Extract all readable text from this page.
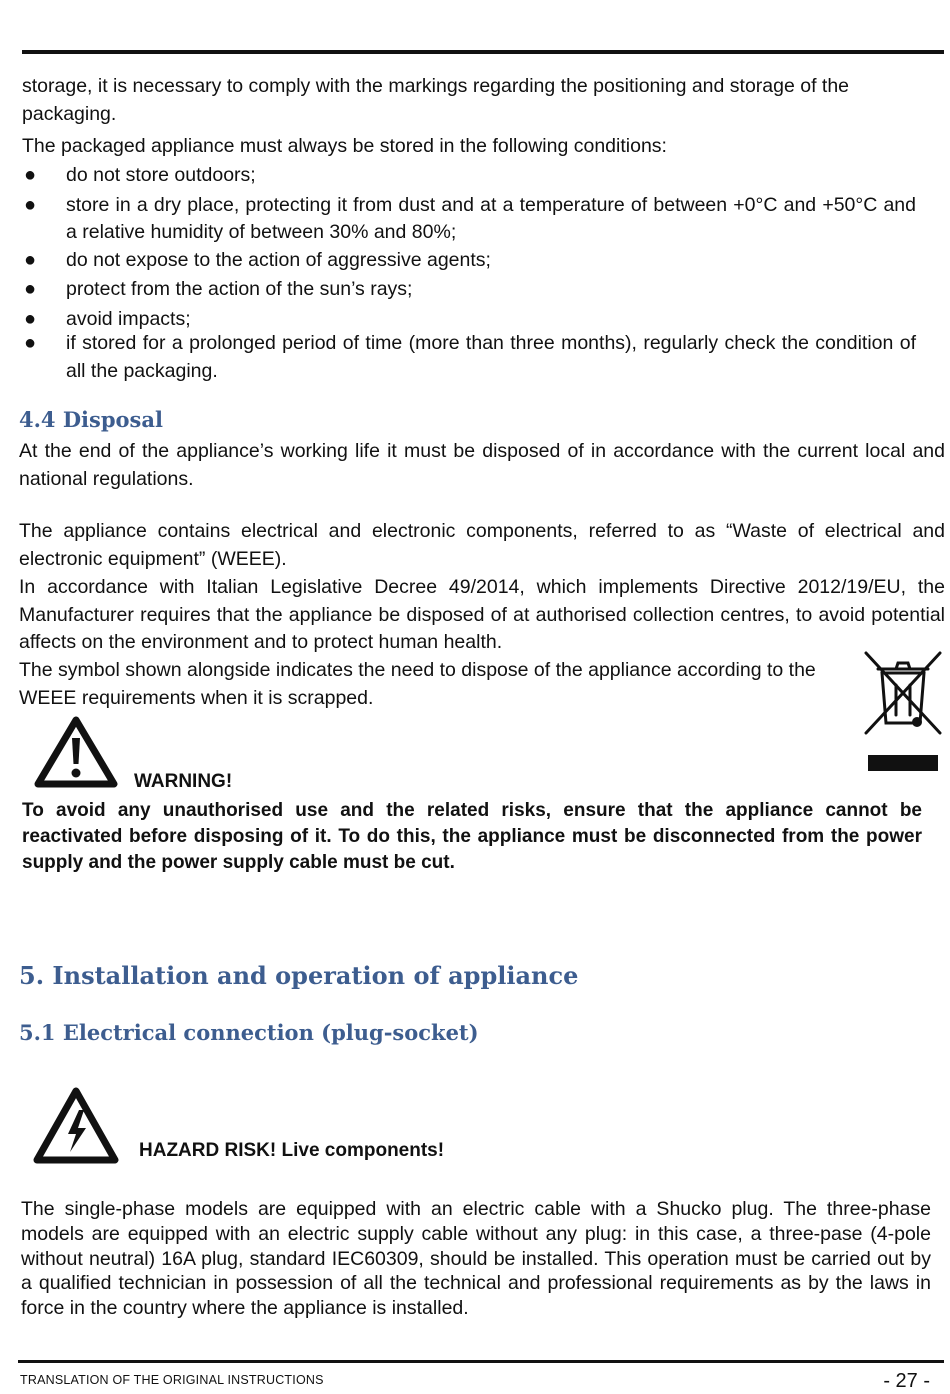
storage, it is necessary to comply with the markings regarding the positioning and storage of the packaging.

The packaged appliance must always be stored in the following conditions:

● do not store outdoors;
● store in a dry place, protecting it from dust and at a temperature of between +0°C and +50°C and a relative humidity of between 30% and 80%;
● do not expose to the action of aggressive agents;
● protect from the action of the sun’s rays;
● avoid impacts;
● if stored for a prolonged period of time (more than three months), regularly check the condition of all the packaging.
4.4 Disposal

At the end of the appliance’s working life it must be disposed of in accordance with the current local and national regulations.

The appliance contains electrical and electronic components, referred to as “Waste of electrical and electronic equipment” (WEEE).

In accordance with Italian Legislative Decree 49/2014, which implements Directive 2012/19/EU, the Manufacturer requires that the appliance be disposed of at authorised collection centres, to avoid potential affects on the environment and to protect human health.

The symbol shown alongside indicates the need to dispose of the appliance according to the WEEE requirements when it is scrapped.

WARNING!

To avoid any unauthorised use and the related risks, ensure that the appliance cannot be reactivated before disposing of it. To do this, the appliance must be disconnected from the power supply and the power supply cable must be cut.

5. Installation and operation of appliance
5.1 Electrical connection (plug-socket)
HAZARD RISK! Live components!

The single-phase models are equipped with an electric cable with a Shucko plug. The three-phase models are equipped with an electric supply cable without any plug: in this case, a three-pase (4-pole without neutral) 16A plug, standard IEC60309, should be installed. This operation must be carried out by a qualified technician in possession of all the technical and professional requirements as by the laws in force in the country where the appliance is installed.

TRANSLATION OF THE ORIGINAL INSTRUCTIONS	- 27 -
